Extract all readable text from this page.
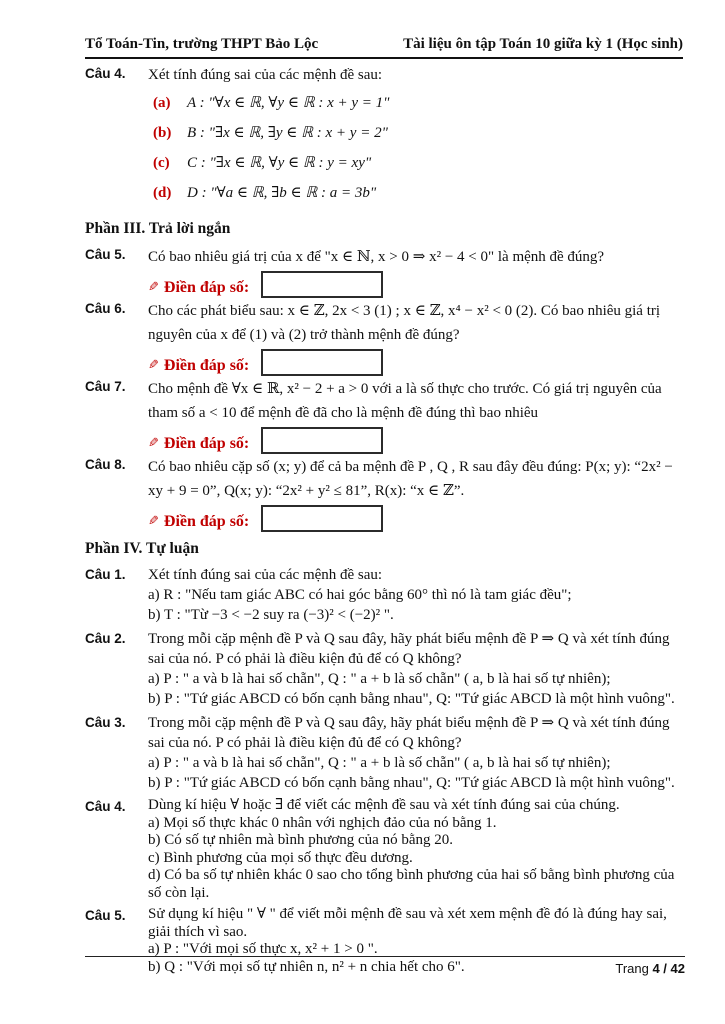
Tổ Toán-Tin, trường THPT Bảo Lộc	Tài liệu ôn tập Toán 10 giữa kỳ 1 (Học sinh)
Câu 4.	Xét tính đúng sai của các mệnh đề sau:
(a)	A : "∀x ∈ ℝ, ∀y ∈ ℝ : x + y = 1"
(b)	B : "∃x ∈ ℝ, ∃y ∈ ℝ : x + y = 2"
(c)	C : "∃x ∈ ℝ, ∀y ∈ ℝ : y = xy"
(d)	D : "∀a ∈ ℝ, ∃b ∈ ℝ : a = 3b"
Phần III. Trả lời ngắn
Câu 5.	Có bao nhiêu giá trị của x để "x ∈ ℕ, x > 0 ⇒ x² − 4 < 0" là mệnh đề đúng?
✎ Điền đáp số:
Câu 6.	Cho các phát biểu sau: x ∈ ℤ, 2x < 3 (1) ; x ∈ ℤ, x⁴ − x² < 0 (2). Có bao nhiêu giá trị nguyên của x để (1) và (2) trở thành mệnh đề đúng?
✎ Điền đáp số:
Câu 7.	Cho mệnh đề ∀x ∈ ℝ, x² − 2 + a > 0 với a là số thực cho trước. Có giá trị nguyên của tham số a < 10 để mệnh đề đã cho là mệnh đề đúng thì bao nhiêu
✎ Điền đáp số:
Câu 8.	Có bao nhiêu cặp số (x; y) để cả ba mệnh đề P , Q , R sau đây đều đúng: P(x; y): “2x² − xy + 9 = 0”, Q(x; y): “2x² + y² ≤ 81”, R(x): “x ∈ ℤ”.
✎ Điền đáp số:
Phần IV. Tự luận
Câu 1.	Xét tính đúng sai của các mệnh đề sau:
a) R : "Nếu tam giác ABC có hai góc bằng 60° thì nó là tam giác đều";
b) T : "Từ −3 < −2 suy ra (−3)² < (−2)² ".
Câu 2.	Trong mỗi cặp mệnh đề P và Q sau đây, hãy phát biểu mệnh đề P ⇒ Q và xét tính đúng sai của nó. P có phải là điều kiện đủ để có Q không?
a) P : " a và b là hai số chẵn", Q : " a + b là số chẵn" ( a, b là hai số tự nhiên);
b) P : "Tứ giác ABCD có bốn cạnh bằng nhau", Q: "Tứ giác ABCD là một hình vuông".
Câu 3.	Trong mỗi cặp mệnh đề P và Q sau đây, hãy phát biểu mệnh đề P ⇒ Q và xét tính đúng sai của nó. P có phải là điều kiện đủ để có Q không?
a) P : " a và b là hai số chẵn", Q : " a + b là số chẵn" ( a, b là hai số tự nhiên);
b) P : "Tứ giác ABCD có bốn cạnh bằng nhau", Q: "Tứ giác ABCD là một hình vuông".
Câu 4.	Dùng kí hiệu ∀ hoặc ∃ để viết các mệnh đề sau và xét tính đúng sai của chúng.
a) Mọi số thực khác 0 nhân với nghịch đảo của nó bằng 1.
b) Có số tự nhiên mà bình phương của nó bằng 20.
c) Bình phương của mọi số thực đều dương.
d) Có ba số tự nhiên khác 0 sao cho tổng bình phương của hai số bằng bình phương của số còn lại.
Câu 5.	Sử dụng kí hiệu " ∀ " để viết mỗi mệnh đề sau và xét xem mệnh đề đó là đúng hay sai, giải thích vì sao.
a) P : "Với mọi số thực x, x² + 1 > 0 ".
b) Q : "Với mọi số tự nhiên n, n² + n chia hết cho 6".	Trang 4 / 42
